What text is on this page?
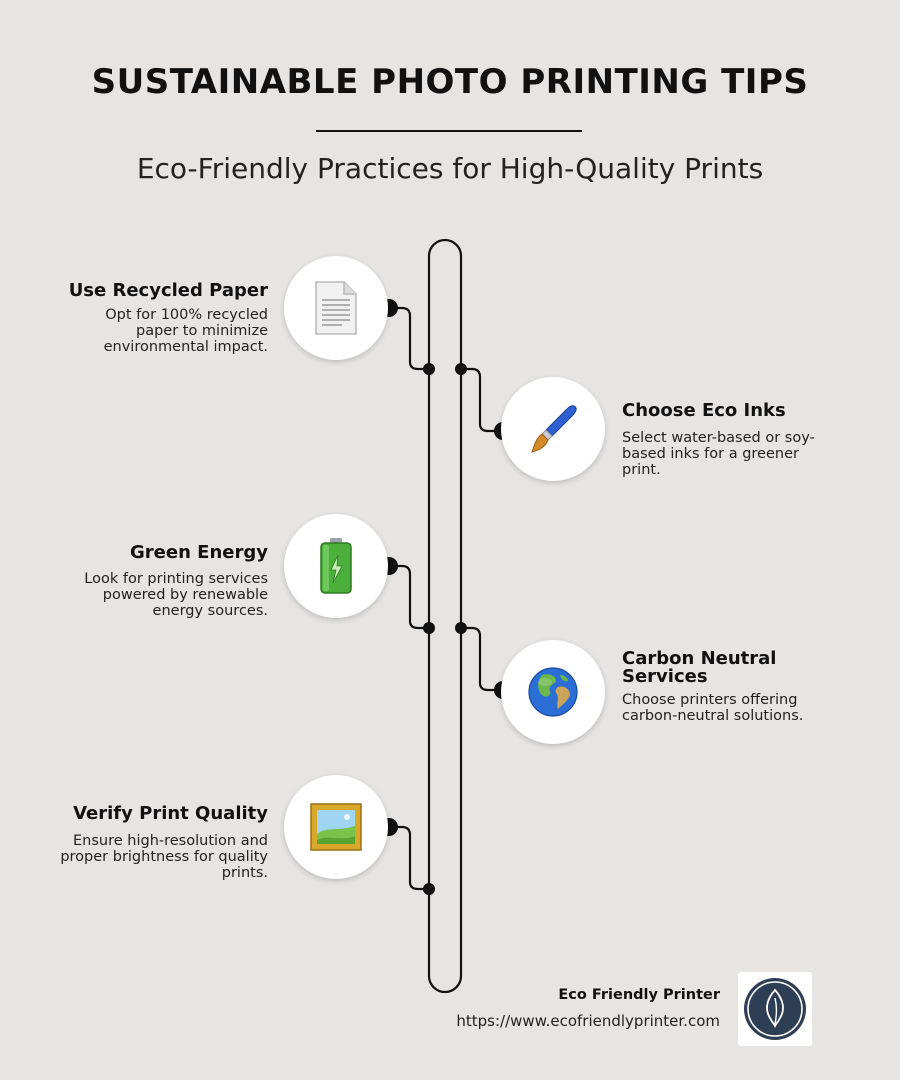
SUSTAINABLE PHOTO PRINTING TIPS
Eco-Friendly Practices for High-Quality Prints
Use Recycled Paper
Opt for 100% recycled paper to minimize environmental impact.
Choose Eco Inks
Select water-based or soy-based inks for a greener print.
Green Energy
Look for printing services powered by renewable energy sources.
Carbon Neutral Services
Choose printers offering carbon-neutral solutions.
Verify Print Quality
Ensure high-resolution and proper brightness for quality prints.
Eco Friendly Printer
https://www.ecofriendlyprinter.com
